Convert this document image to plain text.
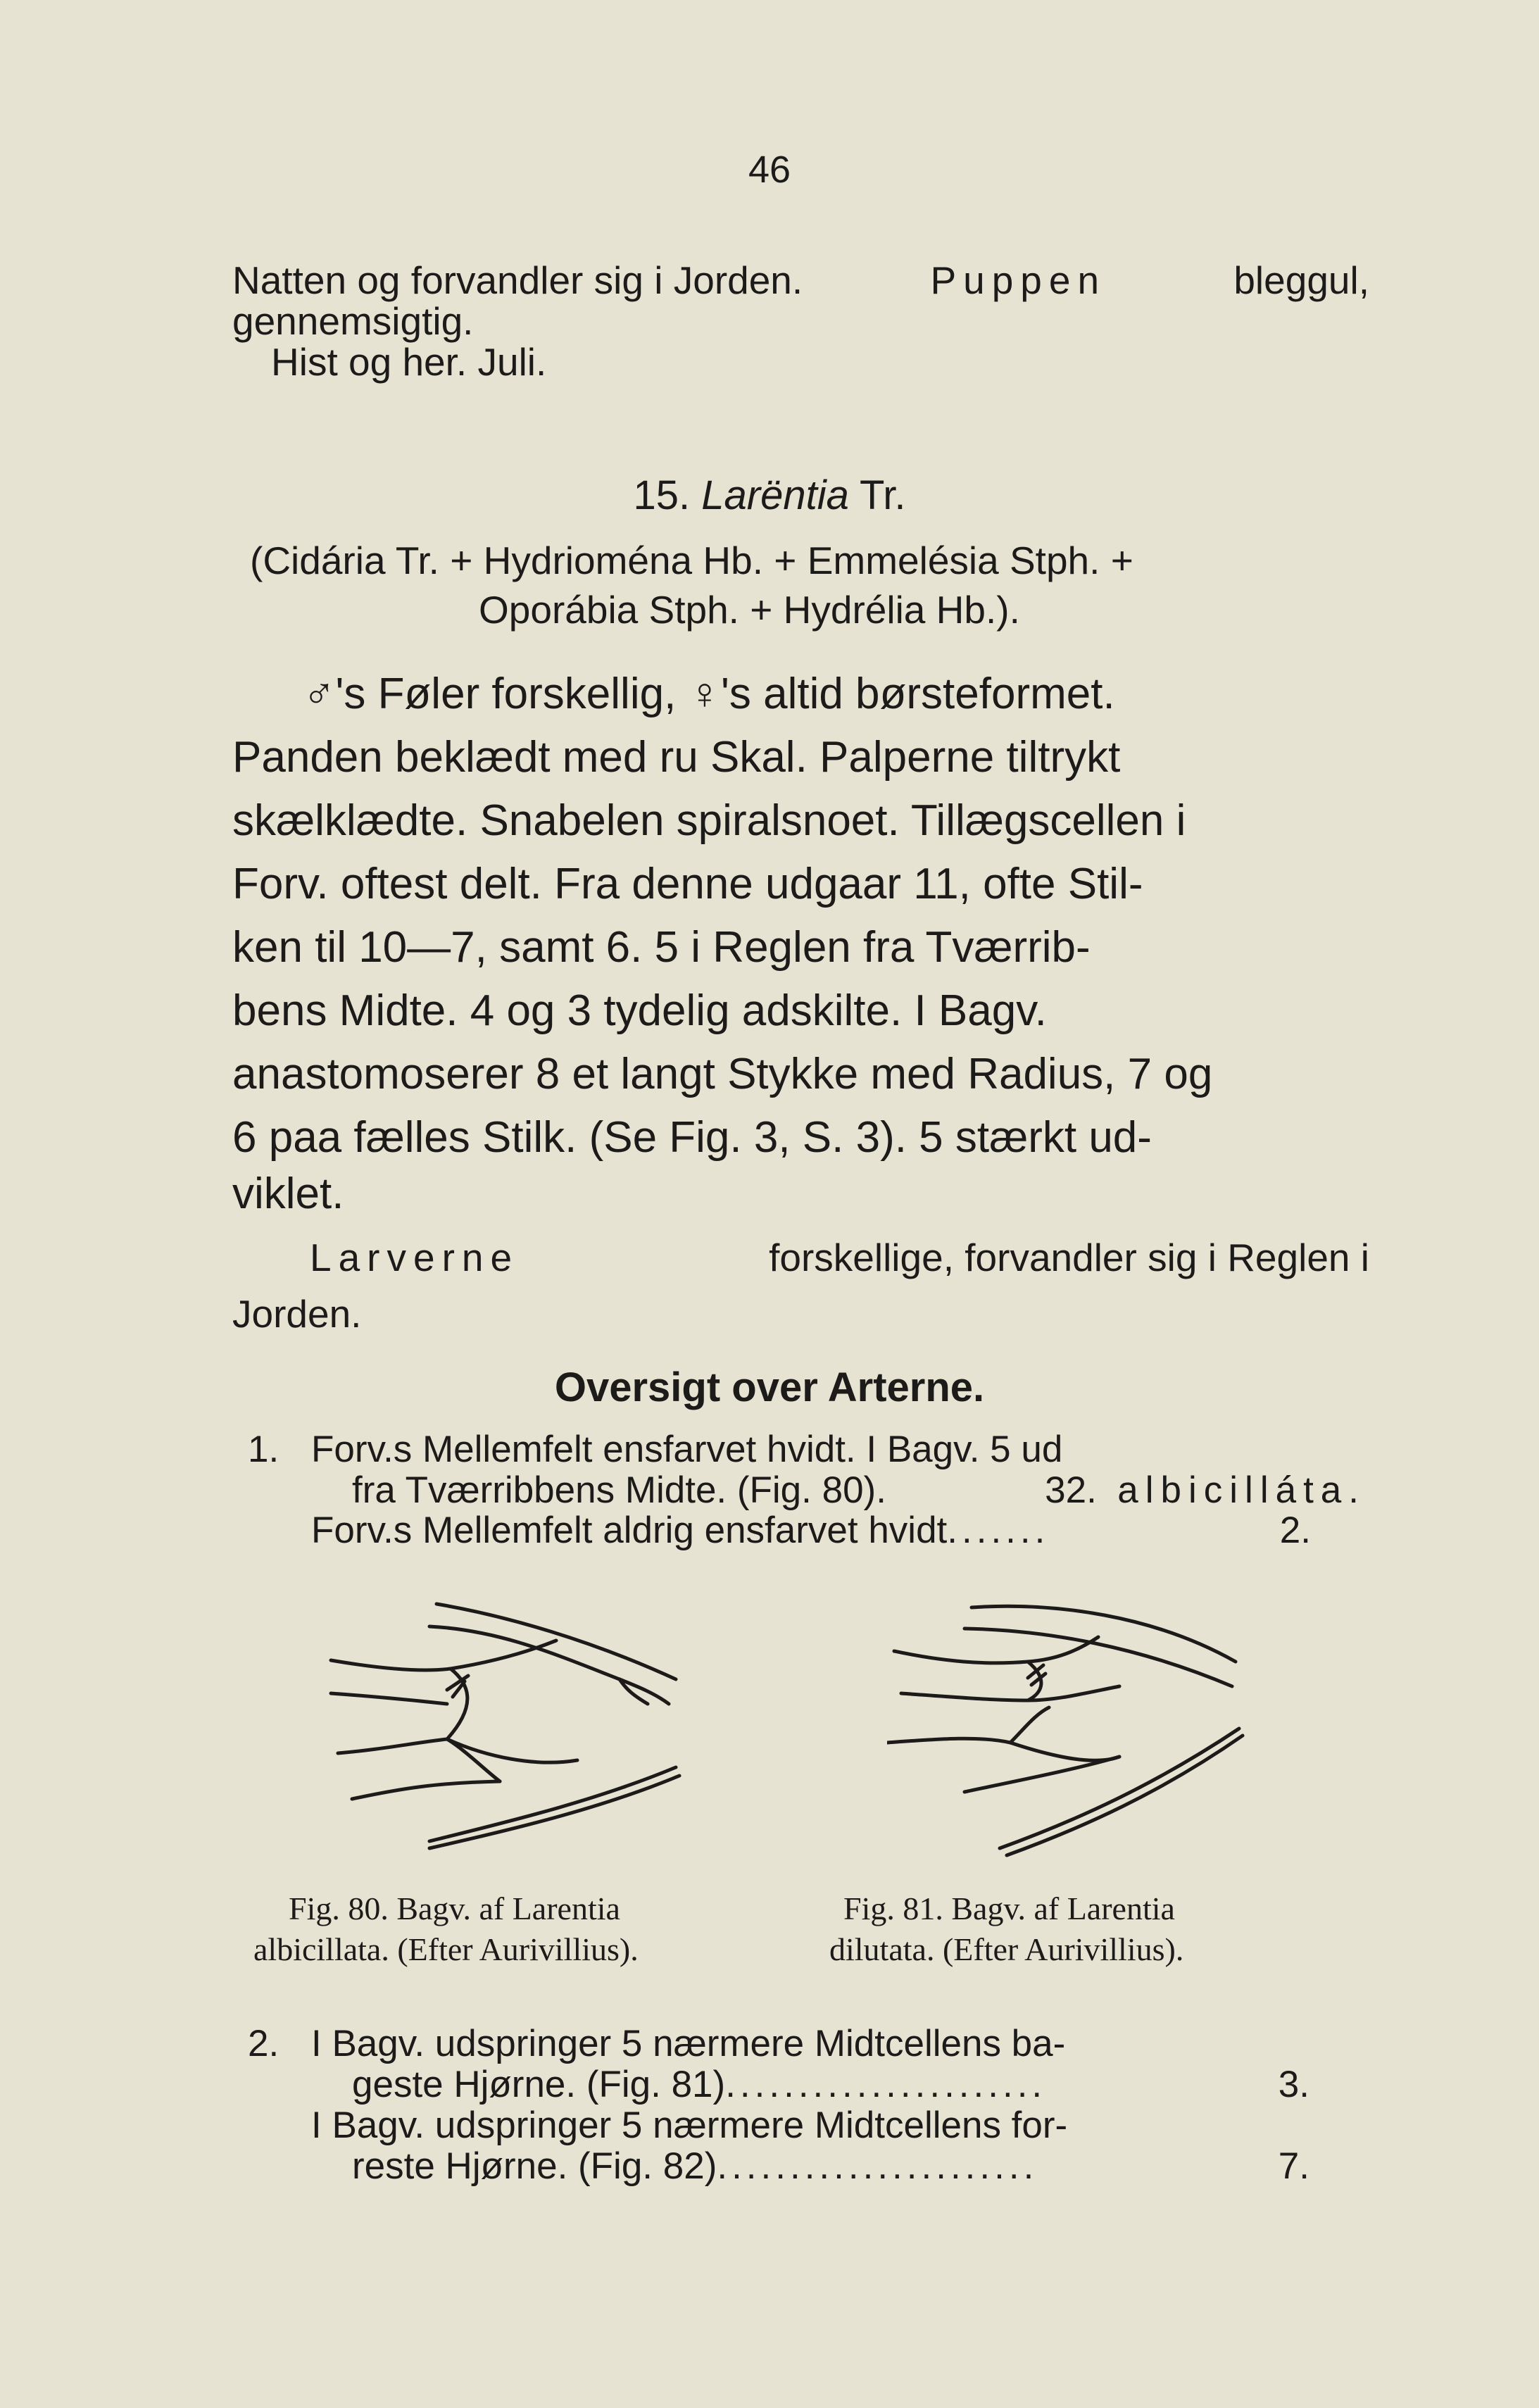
46
Natten og forvandler sig i Jorden.	Puppen	bleggul,
gennemsigtig.
Hist og her. Juli.
15. Larëntia Tr.
(Cidária Tr. + Hydrioména Hb. + Emmelésia Stph. +
Oporábia Stph. + Hydrélia Hb.).
♂'s Føler forskellig, ♀'s altid børsteformet.
Panden beklædt med ru Skal. Palperne tiltrykt
skælklædte. Snabelen spiralsnoet. Tillægscellen i
Forv. oftest delt. Fra denne udgaar 11, ofte Stil-
ken til 10—7, samt 6. 5 i Reglen fra Tværrib-
bens Midte. 4 og 3 tydelig adskilte. I Bagv.
anastomoserer 8 et langt Stykke med Radius, 7 og
6 paa fælles Stilk. (Se Fig. 3, S. 3). 5 stærkt ud-
viklet.
Larverne	forskellige, forvandler sig i Reglen i
Jorden.
Oversigt over Arterne.
1. Forv.s Mellemfelt ensfarvet hvidt. I Bagv. 5 ud
fra Tværribbens Midte. (Fig. 80).	32. albicilláta.
Forv.s Mellemfelt aldrig ensfarvet hvidt.......	2.
Fig. 80. Bagv. af Larentia
albicillata. (Efter Aurivillius).
Fig. 81. Bagv. af Larentia
dilutata. (Efter Aurivillius).
2. I Bagv. udspringer 5 nærmere Midtcellens ba-
geste Hjørne. (Fig. 81)......................	3.
I Bagv. udspringer 5 nærmere Midtcellens for-
reste Hjørne. (Fig. 82)......................	7.
